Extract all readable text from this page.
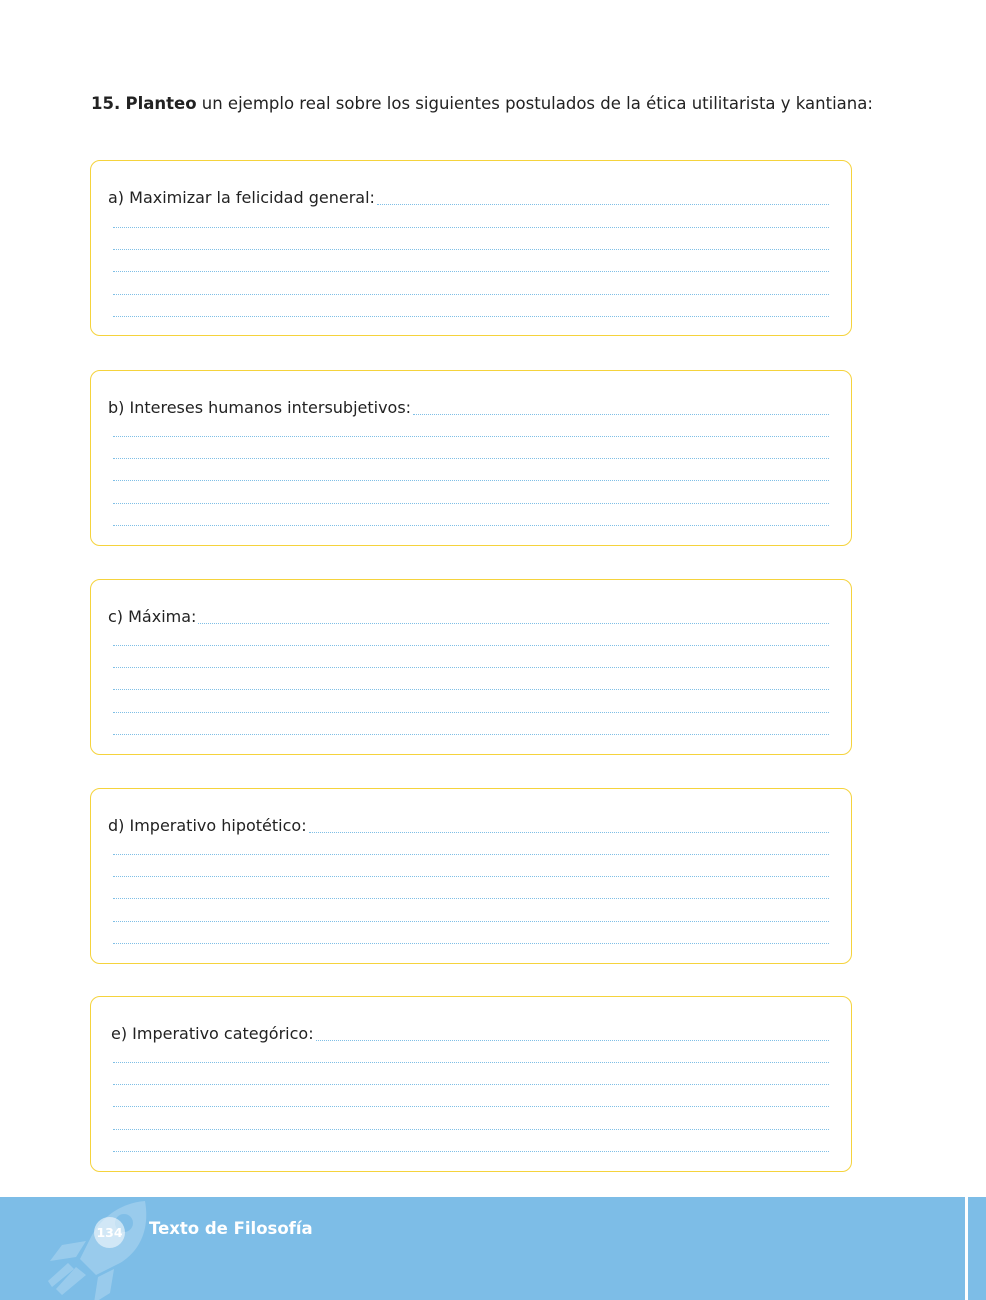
15. Planteo un ejemplo real sobre los siguientes postulados de la ética utilitarista y kantiana:
a) Maximizar la felicidad general:
b) Intereses humanos intersubjetivos:
c) Máxima:
d) Imperativo hipotético:
e) Imperativo categórico:
134 Texto de Filosofía
